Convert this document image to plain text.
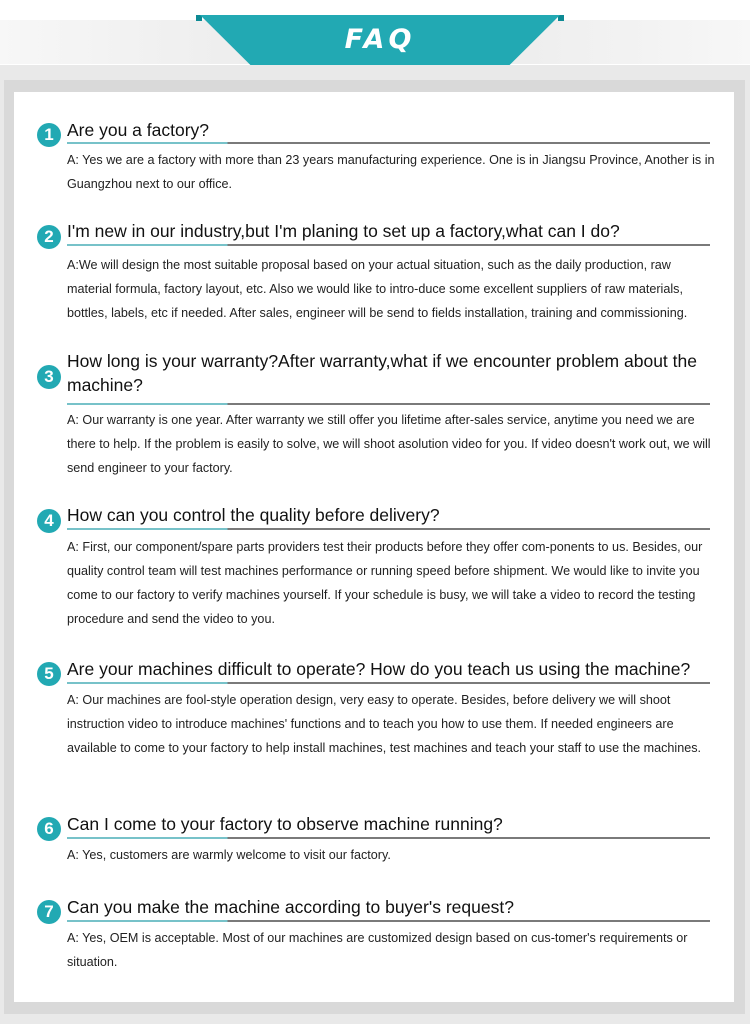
FAQ
1 Are you a factory?

A: Yes we are a factory with more than 23 years manufacturing experience. One is in Jiangsu Province, Another is in Guangzhou next to our office.

2 I'm new in our industry,but I'm planing to set up a factory,what can I do?

A:We will design the most suitable proposal based on your actual situation, such as the daily production, raw material formula, factory layout, etc. Also we would like to intro-duce some excellent suppliers of raw materials, bottles, labels, etc if needed. After sales, engineer will be send to fields installation, training and commissioning.

3
How long is your warranty?After warranty,what if we encounter problem about the machine?

A: Our warranty is one year. After warranty we still offer you lifetime after-sales service, anytime you need we are there to help. If the problem is easily to solve, we will shoot asolution video for you. If video doesn't work out, we will send engineer to your factory.

4 How can you control the quality before delivery?

A: First, our component/spare parts providers test their products before they offer com-ponents to us. Besides, our quality control team will test machines performance or running speed before shipment. We would like to invite you come to our factory to verify machines yourself. If your schedule is busy, we will take a video to record the testing procedure and send the video to you.

5 Are your machines difficult to operate? How do you teach us using the machine?

A: Our machines are fool-style operation design, very easy to operate. Besides, before delivery we will shoot instruction video to introduce machines' functions and to teach you how to use them. If needed engineers are available to come to your factory to help install machines, test machines and teach your staff to use the machines.

6 Can I come to your factory to observe machine running?

A: Yes, customers are warmly welcome to visit our factory.

7 Can you make the machine according to buyer's request?

A: Yes, OEM is acceptable. Most of our machines are customized design based on cus-tomer's requirements or situation.
